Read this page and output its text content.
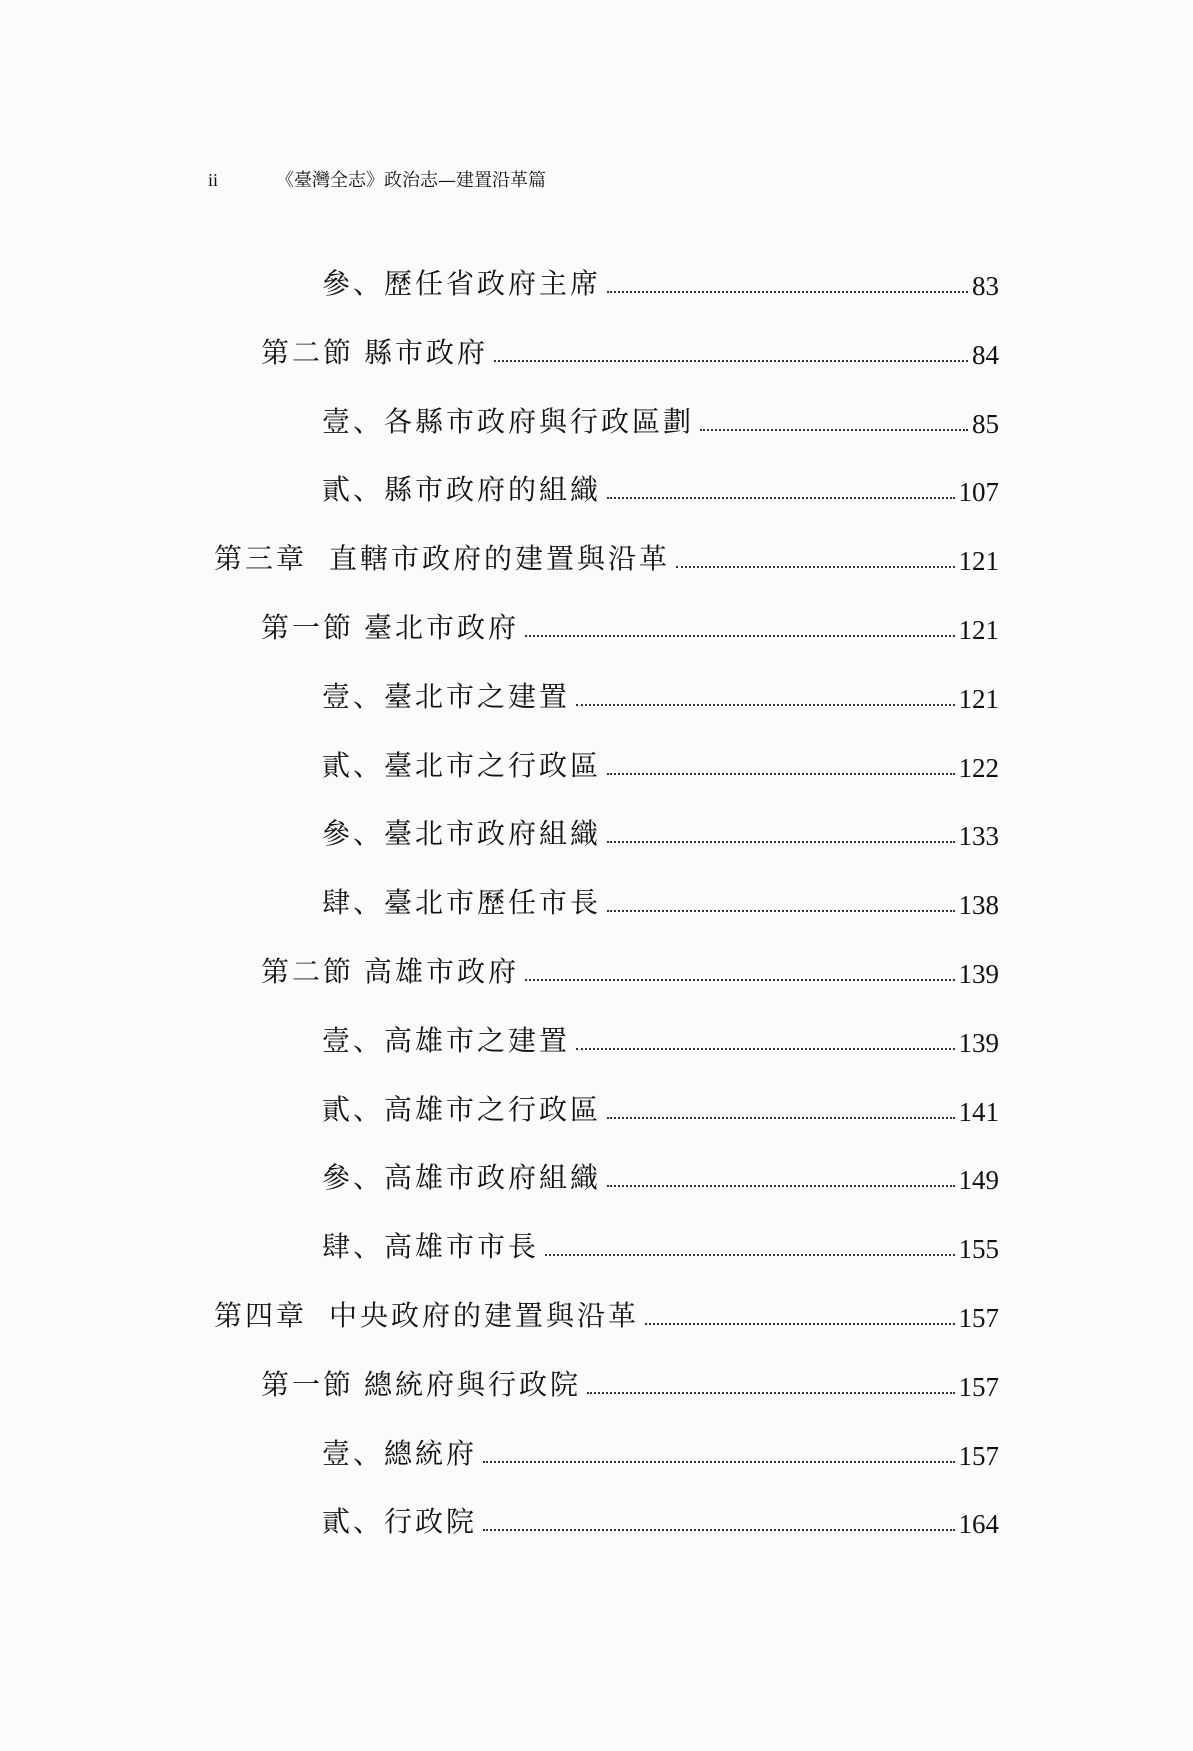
ii	《臺灣全志》政治志—建置沿革篇
參、歷任省政府主席	83
第二節 縣市政府	84
壹、各縣市政府與行政區劃	85
貳、縣市政府的組織	107
第三章 直轄市政府的建置與沿革	121
第一節 臺北市政府	121
壹、臺北市之建置	121
貳、臺北市之行政區	122
參、臺北市政府組織	133
肆、臺北市歷任市長	138
第二節 高雄市政府	139
壹、高雄市之建置	139
貳、高雄市之行政區	141
參、高雄市政府組織	149
肆、高雄市市長	155
第四章 中央政府的建置與沿革	157
第一節 總統府與行政院	157
壹、總統府	157
貳、行政院	164
